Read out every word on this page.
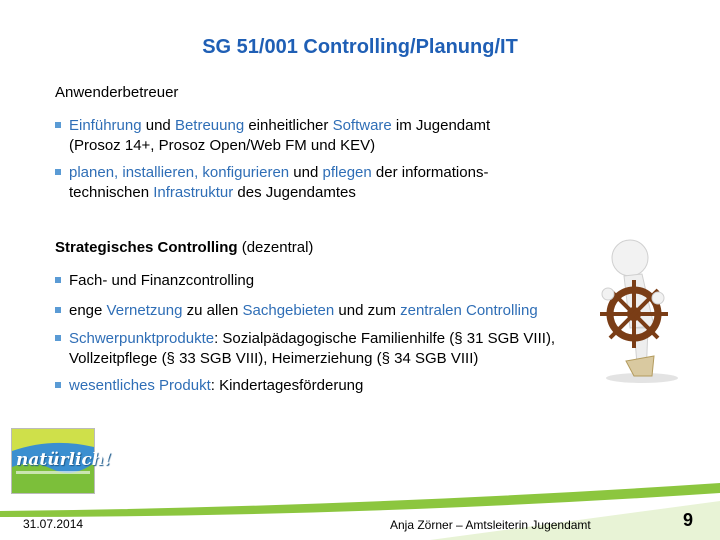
SG 51/001 Controlling/Planung/IT
Anwenderbetreuer
Einführung und Betreuung einheitlicher Software im Jugendamt
(Prosoz 14+, Prosoz Open/Web FM und KEV)
planen, installieren, konfigurieren und pflegen der informations-
technischen Infrastruktur des Jugendamtes
Strategisches Controlling (dezentral)
Fach- und Finanzcontrolling
enge Vernetzung zu allen Sachgebieten und zum zentralen Controlling
Schwerpunktprodukte: Sozialpädagogische Familienhilfe (§ 31 SGB VIII),
Vollzeitpflege (§ 33 SGB VIII), Heimerziehung (§ 34 SGB VIII)
wesentliches Produkt: Kindertagesförderung
natürlich!
31.07.2014	Anja Zörner – Amtsleiterin Jugendamt	9
